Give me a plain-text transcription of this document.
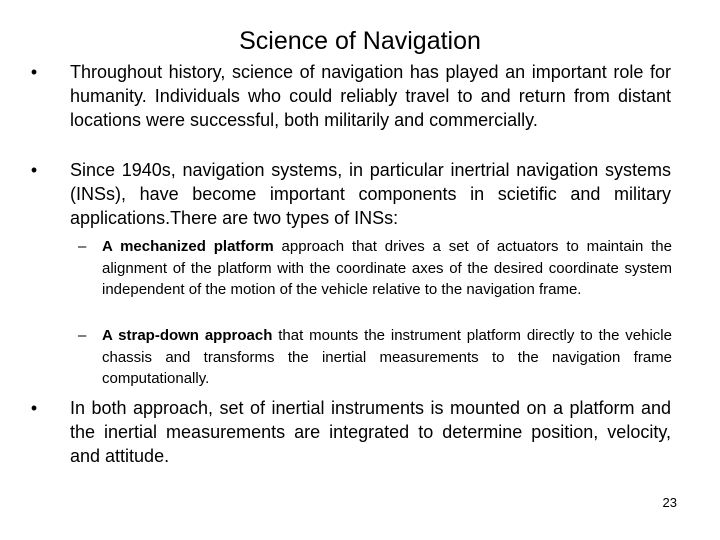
Science of Navigation

• Throughout history, science of navigation has played an important role for humanity. Individuals who could reliably travel to and return from distant locations were successful, both militarily and commercially.

• Since 1940s, navigation systems, in particular inertrial navigation systems (INSs), have become important components in scietific and military applications.There are two types of INSs:

– A mechanized platform approach that drives a set of actuators to maintain the alignment of the platform with the coordinate axes of the desired coordinate system independent of the motion of the vehicle relative to the navigation frame.

– A strap-down approach that mounts the instrument platform directly to the vehicle chassis and transforms the inertial measurements to the navigation frame computationally.

• In both approach, set of inertial instruments is mounted on a platform and the inertial measurements are integrated to determine position, velocity, and attitude.

23
